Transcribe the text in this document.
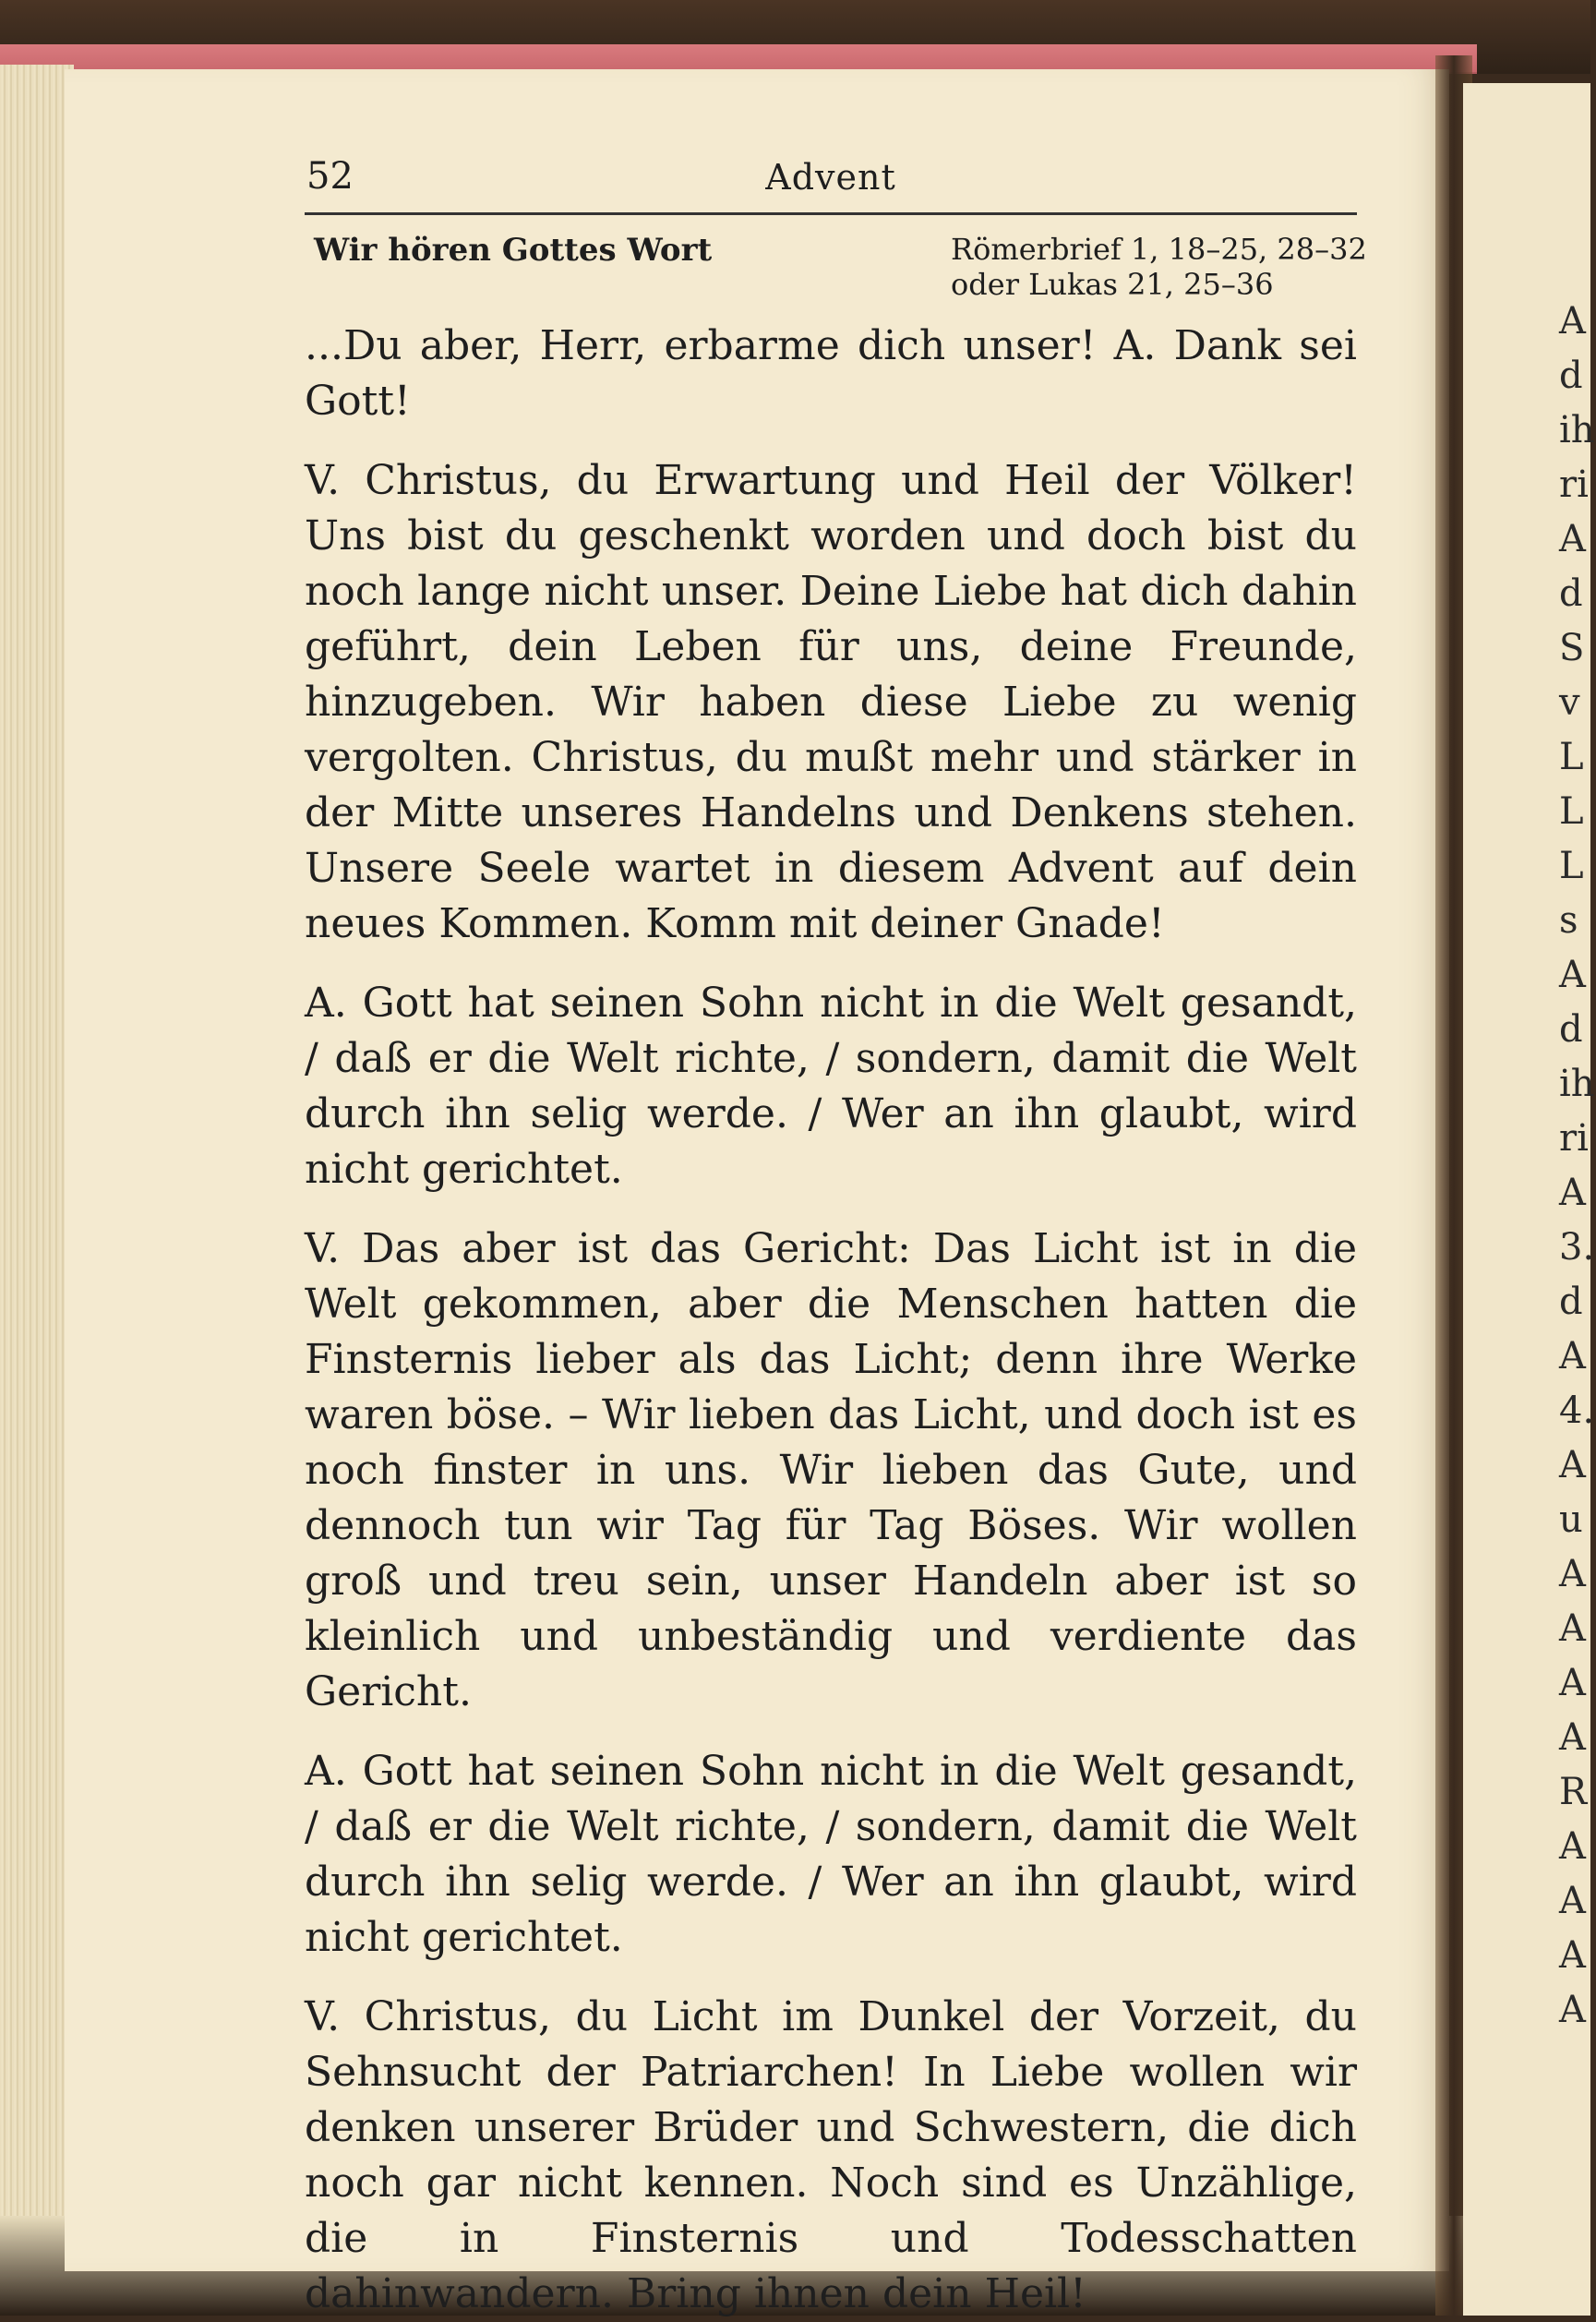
A
d
ih
ri
A
d
S
v
L
L
L
s
A
d
ih
ri
A
3.
d
A
4.
A
u
A
A
A
A
R
A
A
A
A
52	Advent
Wir hören Gottes Wort	Römerbrief 1, 18–25, 28–32
oder Lukas 21, 25–36

...Du aber, Herr, erbarme dich unser! A. Dank sei Gott!

V. Christus, du Erwartung und Heil der Völker! Uns bist du geschenkt worden und doch bist du noch lange nicht unser. Deine Liebe hat dich dahin geführt, dein Leben für uns, deine Freunde, hinzugeben. Wir haben diese Liebe zu wenig vergolten. Christus, du mußt mehr und stärker in der Mitte unseres Handelns und Denkens stehen. Unsere Seele wartet in diesem Advent auf dein neues Kommen. Komm mit deiner Gnade!

A. Gott hat seinen Sohn nicht in die Welt gesandt, / daß er die Welt richte, / sondern, damit die Welt durch ihn selig werde. / Wer an ihn glaubt, wird nicht gerichtet.

V. Das aber ist das Gericht: Das Licht ist in die Welt gekommen, aber die Menschen hatten die Finsternis lieber als das Licht; denn ihre Werke waren böse. – Wir lieben das Licht, und doch ist es noch finster in uns. Wir lieben das Gute, und dennoch tun wir Tag für Tag Böses. Wir wollen groß und treu sein, unser Handeln aber ist so kleinlich und unbeständig und verdiente das Gericht.

A. Gott hat seinen Sohn nicht in die Welt gesandt, / daß er die Welt richte, / sondern, damit die Welt durch ihn selig werde. / Wer an ihn glaubt, wird nicht gerichtet.

V. Christus, du Licht im Dunkel der Vorzeit, du Sehnsucht der Patriarchen! In Liebe wollen wir denken unserer Brüder und Schwestern, die dich noch gar nicht kennen. Noch sind es Unzählige, die in Finsternis und Todesschatten dahinwandern. Bring ihnen dein Heil!
